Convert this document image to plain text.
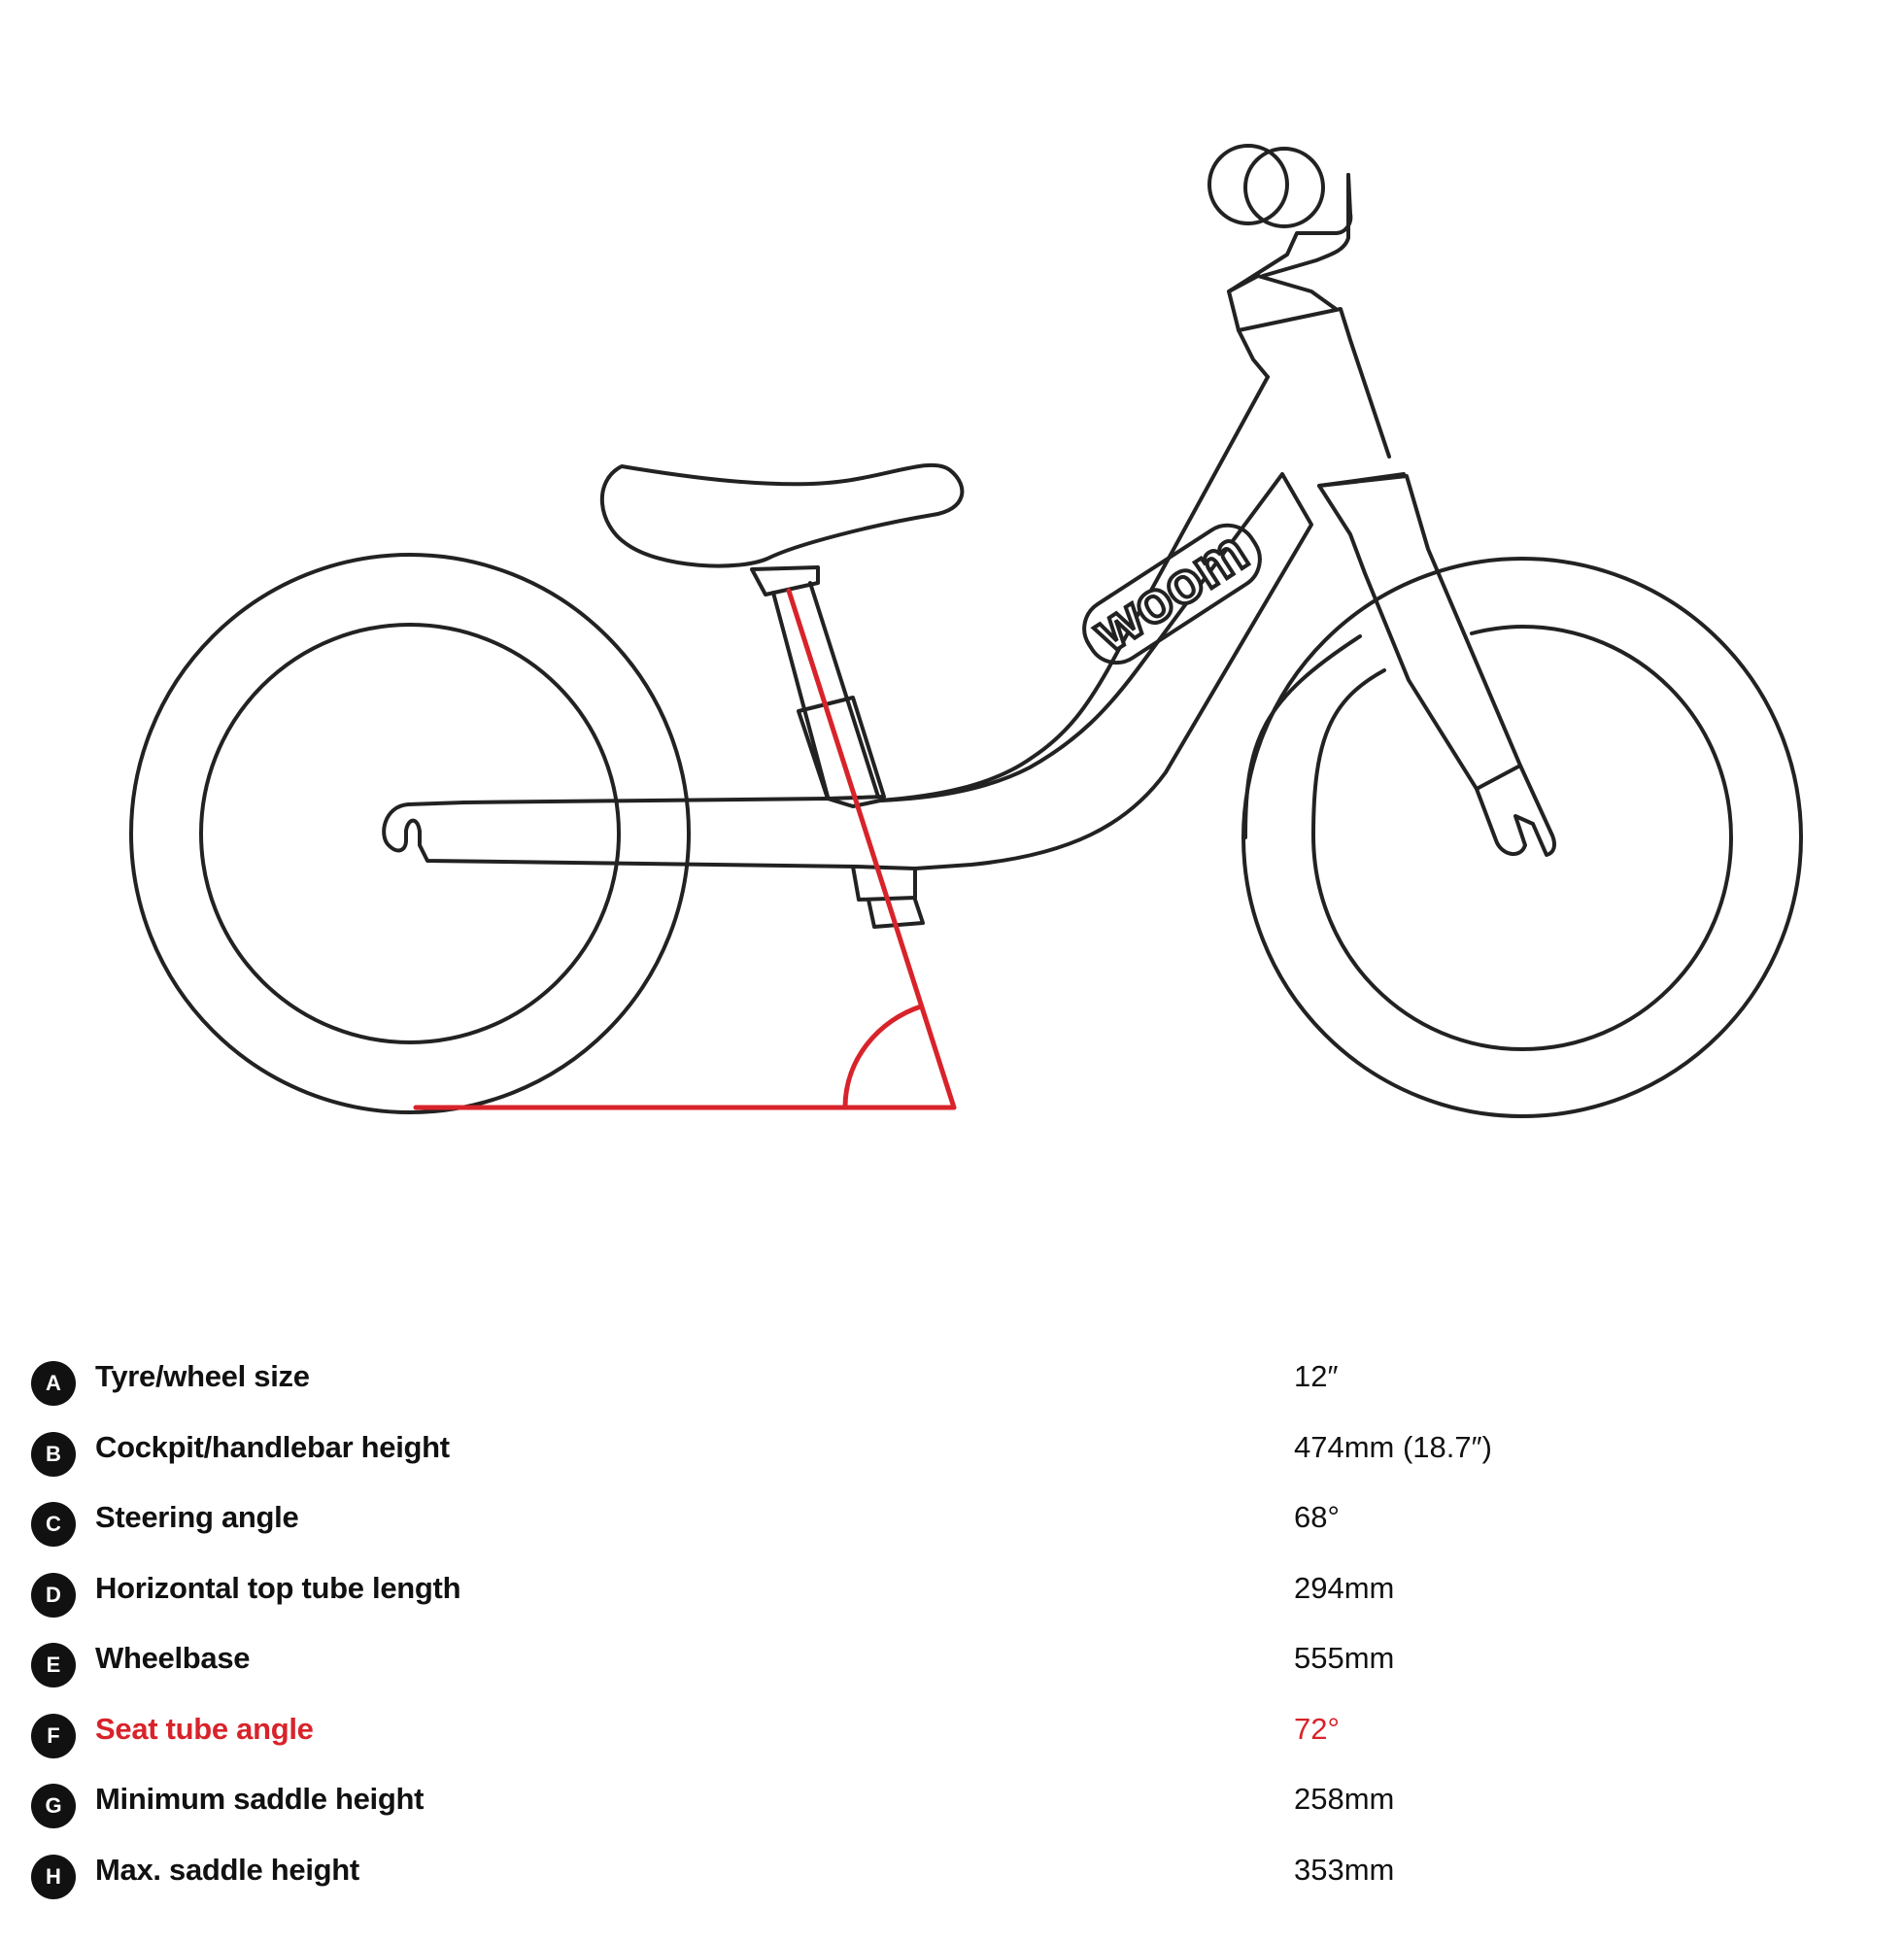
woom
A	Tyre/wheel size	12″
B	Cockpit/handlebar height	474mm (18.7″)
C	Steering angle	68°
D	Horizontal top tube length	294mm
E	Wheelbase	555mm
F	Seat tube angle	72°
G	Minimum saddle height	258mm
H	Max. saddle height	353mm
